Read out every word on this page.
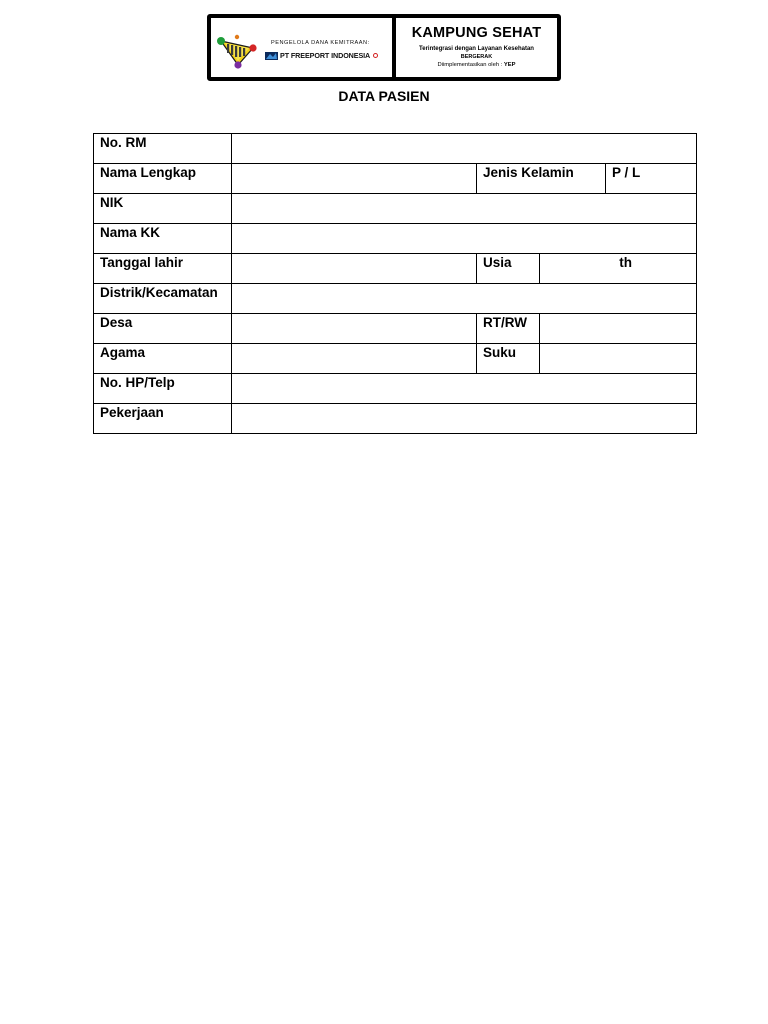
PENGELOLA DANA KEMITRAAN:
PT FREEPORT INDONESIA
KAMPUNG SEHAT
Terintegrasi dengan Layanan Kesehatan
BERGERAK
Diimplementasikan oleh : YEP
DATA PASIEN
No. RM				
Nama Lengkap		Jenis Kelamin		P / L
NIK				
Nama KK				
Tanggal lahir		Usia	th	
Distrik/Kecamatan				
Desa		RT/RW		
Agama		Suku		
No. HP/Telp				
Pekerjaan				
